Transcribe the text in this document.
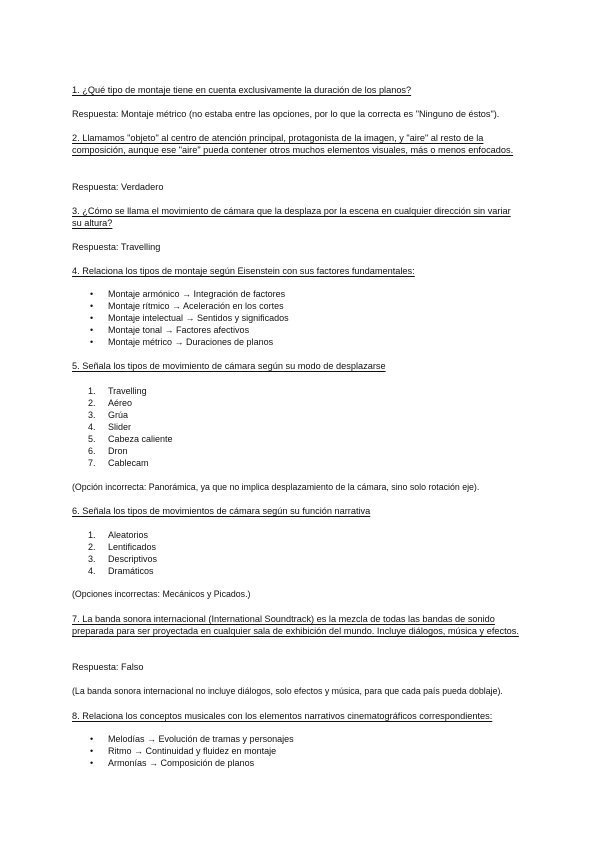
1. ¿Qué tipo de montaje tiene en cuenta exclusivamente la duración de los planos?

Respuesta: Montaje métrico (no estaba entre las opciones, por lo que la correcta es "Ninguno de éstos").

2. Llamamos "objeto" al centro de atención principal, protagonista de la imagen, y "aire" al resto de la composición, aunque ese "aire" pueda contener otros muchos elementos visuales, más o menos enfocados.

Respuesta: Verdadero

3. ¿Cómo se llama el movimiento de cámara que la desplaza por la escena en cualquier dirección sin variar su altura?

Respuesta: Travelling

4. Relaciona los tipos de montaje según Eisenstein con sus factores fundamentales:

• Montaje armónico → Integración de factores
• Montaje rítmico → Aceleración en los cortes
• Montaje intelectual → Sentidos y significados
• Montaje tonal → Factores afectivos
• Montaje métrico → Duraciones de planos

5. Señala los tipos de movimiento de cámara según su modo de desplazarse

1.	Travelling
2.	Aéreo
3.	Grúa
4.	Slider
5.	Cabeza caliente
6.	Dron
7.	Cablecam

(Opción incorrecta: Panorámica, ya que no implica desplazamiento de la cámara, sino solo rotación eje).

6. Señala los tipos de movimientos de cámara según su función narrativa

1.	Aleatorios
2.	Lentificados
3.	Descriptivos
4.	Dramáticos

(Opciones incorrectas: Mecánicos y Picados.)

7. La banda sonora internacional (International Soundtrack) es la mezcla de todas las bandas de sonido preparada para ser proyectada en cualquier sala de exhibición del mundo. Incluye diálogos, música y efectos.

Respuesta: Falso

(La banda sonora internacional no incluye diálogos, solo efectos y música, para que cada país pueda doblaje).

8. Relaciona los conceptos musicales con los elementos narrativos cinematográficos correspondientes:

• Melodías → Evolución de tramas y personajes
• Ritmo → Continuidad y fluidez en montaje
• Armonías → Composición de planos
